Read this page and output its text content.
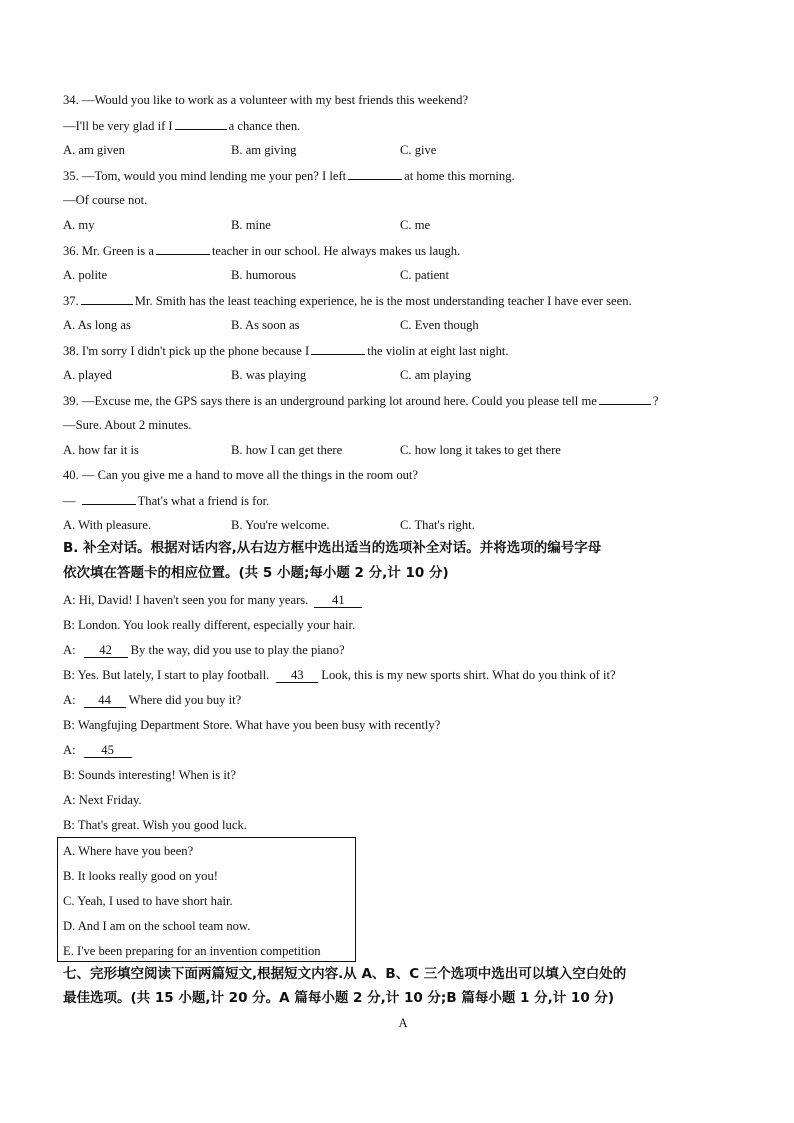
34. —Would you like to work as a volunteer with my best friends this weekend?
—I'll be very glad if I	a chance then.
A. am given	B. am giving	C. give
35. —Tom, would you mind lending me your pen? I left	at home this morning.
—Of course not.
A. my	B. mine	C. me
36. Mr. Green is a	teacher in our school. He always makes us laugh.
A. polite	B. humorous	C. patient
37.	Mr. Smith has the least teaching experience, he is the most understanding teacher I have ever seen.
A. As long as	B. As soon as	C. Even though
38. I'm sorry I didn't pick up the phone because I	the violin at eight last night.
A. played	B. was playing	C. am playing
39. —Excuse me, the GPS says there is an underground parking lot around here. Could you please tell me	?
—Sure. About 2 minutes.
A. how far it is	B. how I can get there	C. how long it takes to get there
40. — Can you give me a hand to move all the things in the room out?
—	That's what a friend is for.
A. With pleasure.	B. You're welcome.	C. That's right.
B. 补全对话。根据对话内容,从右边方框中选出适当的选项补全对话。并将选项的编号字母
依次填在答题卡的相应位置。(共 5 小题;每小题 2 分,计 10 分)
A: Hi, David! I haven't seen you for many years. 41
B: London. You look really different, especially your hair.
A: 42 By the way, did you use to play the piano?
B: Yes. But lately, I start to play football. 43 Look, this is my new sports shirt. What do you think of it?
A: 44 Where did you buy it?
B: Wangfujing Department Store. What have you been busy with recently?
A: 45
B: Sounds interesting! When is it?
A: Next Friday.
B: That's great. Wish you good luck.
A. Where have you been?
B. It looks really good on you!
C. Yeah, I used to have short hair.
D. And I am on the school team now.
E. I've been preparing for an invention competition
七、完形填空阅读下面两篇短文,根据短文内容.从 A、B、C 三个选项中选出可以填入空白处的
最佳选项。(共 15 小题,计 20 分。A 篇每小题 2 分,计 10 分;B 篇每小题 1 分,计 10 分)
A
